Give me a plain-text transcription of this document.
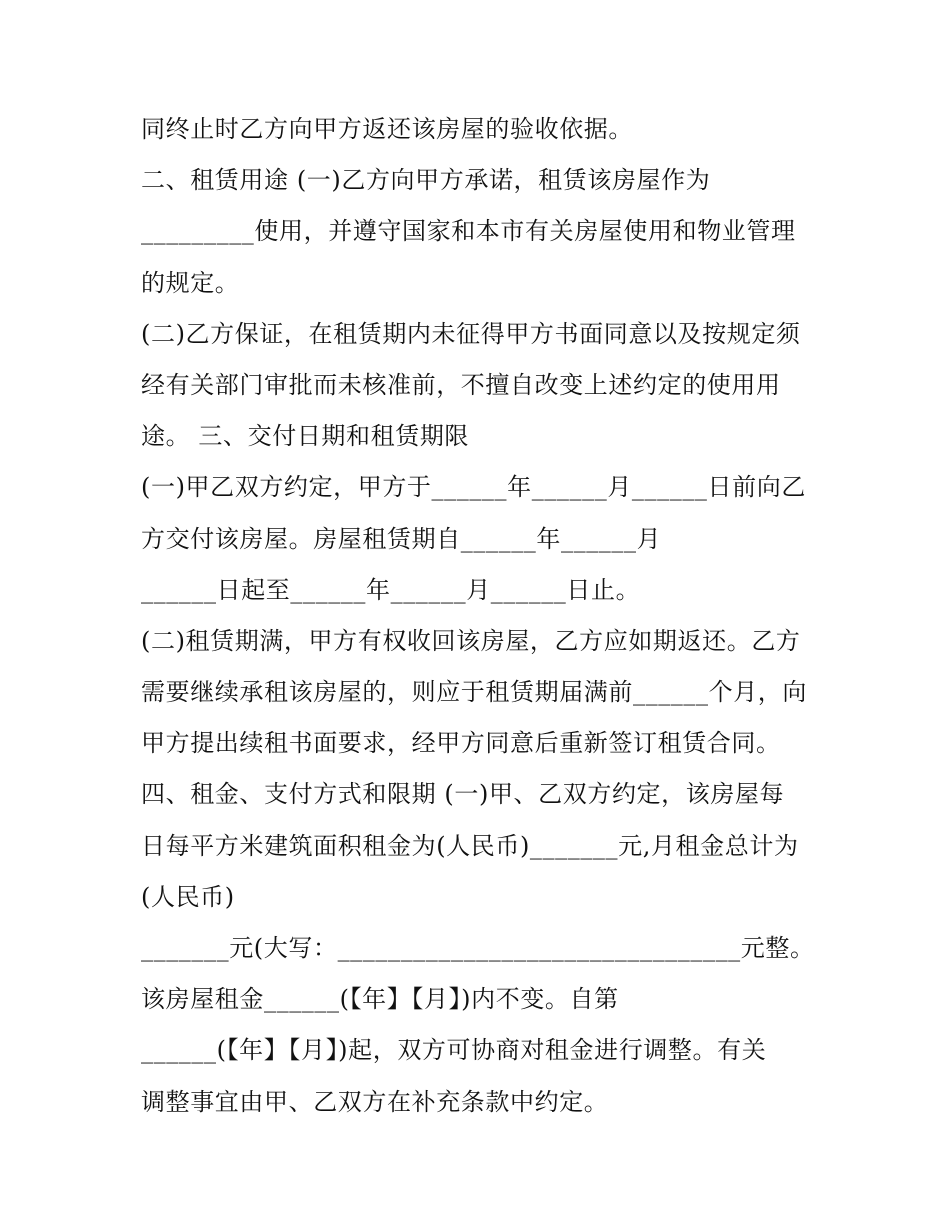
同终止时乙方向甲方返还该房屋的验收依据。

二、租赁用途 (一)乙方向甲方承诺，租赁该房屋作为

_________使用，并遵守国家和本市有关房屋使用和物业管理

的规定。

(二)乙方保证，在租赁期内未征得甲方书面同意以及按规定须

经有关部门审批而未核准前，不擅自改变上述约定的使用用

途。 三、交付日期和租赁期限

(一)甲乙双方约定，甲方于______年______月______日前向乙

方交付该房屋。房屋租赁期自______年______月

______日起至______年______月______日止。

(二)租赁期满，甲方有权收回该房屋，乙方应如期返还。乙方

需要继续承租该房屋的，则应于租赁期届满前______个月，向

甲方提出续租书面要求，经甲方同意后重新签订租赁合同。

四、租金、支付方式和限期 (一)甲、乙双方约定，该房屋每

日每平方米建筑面积租金为(人民币)_______元,月租金总计为

(人民币)

_______元(大写：________________________________元整。

该房屋租金______(【年】【月】)内不变。自第

______(【年】【月】)起，双方可协商对租金进行调整。有关

调整事宜由甲、乙双方在补充条款中约定。
